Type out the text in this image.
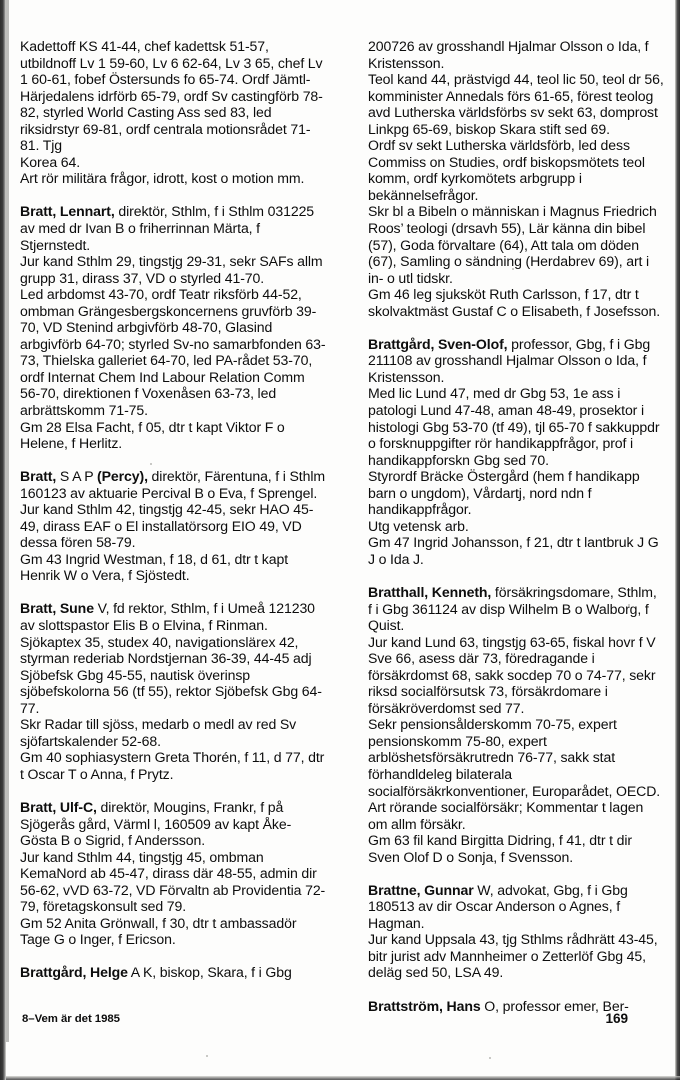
Kadettoff KS 41-44, chef kadettsk 51-57, utbildnoff Lv 1 59-60, Lv 6 62-64, Lv 3 65, chef Lv 1 60-61, fobef Östersunds fo 65-74. Ordf Jämtl-Härjedalens idrförb 65-79, ordf Sv castingförb 78-82, styrled World Casting Ass sed 83, led riksidrstyr 69-81, ordf centrala motionsrådet 71-81. Tjg
Korea 64.
Art rör militära frågor, idrott, kost o motion mm.

Bratt, Lennart, direktör, Sthlm, f i Sthlm 031225 av med dr Ivan B o friherrinnan Märta, f Stjernstedt.
Jur kand Sthlm 29, tingstjg 29-31, sekr SAFs allm grupp 31, dirass 37, VD o styrled 41-70.
Led arbdomst 43-70, ordf Teatr riksförb 44-52, ombman Grängesbergskoncernens gruvförb 39-70, VD Stenind arbgivförb 48-70, Glasind arbgivförb 64-70; styrled Sv-no samarbfonden 63-73, Thielska galleriet 64-70, led PA-rådet 53-70, ordf Internat Chem Ind Labour Relation Comm 56-70, direktionen f Voxenåsen 63-73, led arbrättskomm 71-75.
Gm 28 Elsa Facht, f 05, dtr t kapt Viktor F o Helene, f Herlitz.

Bratt, S A P (Percy), direktör, Färentuna, f i Sthlm 160123 av aktuarie Percival B o Eva, f Sprengel.
Jur kand Sthlm 42, tingstjg 42-45, sekr HAO 45-49, dirass EAF o El installatörsorg EIO 49, VD dessa fören 58-79.
Gm 43 Ingrid Westman, f 18, d 61, dtr t kapt Henrik W o Vera, f Sjöstedt.

Bratt, Sune V, fd rektor, Sthlm, f i Umeå 121230 av slottspastor Elis B o Elvina, f Rinman.
Sjökaptex 35, studex 40, navigationslärex 42, styrman rederiab Nordstjernan 36-39, 44-45 adj Sjöbefsk Gbg 45-55, nautisk överinsp sjöbefskolorna 56 (tf 55), rektor Sjöbefsk Gbg 64-77.
Skr Radar till sjöss, medarb o medl av red Sv sjöfartskalender 52-68.
Gm 40 sophiasystern Greta Thorén, f 11, d 77, dtr t Oscar T o Anna, f Prytz.

Bratt, Ulf-C, direktör, Mougins, Frankr, f på Sjögerås gård, Värml l, 160509 av kapt Åke-Gösta B o Sigrid, f Andersson.
Jur kand Sthlm 44, tingstjg 45, ombman KemaNord ab 45-47, dirass där 48-55, admin dir 56-62, vVD 63-72, VD Förvaltn ab Providentia 72-79, företagskonsult sed 79.
Gm 52 Anita Grönwall, f 30, dtr t ambassadör Tage G o Inger, f Ericson.

Brattgård, Helge A K, biskop, Skara, f i Gbg

200726 av grosshandl Hjalmar Olsson o Ida, f Kristensson.
Teol kand 44, prästvigd 44, teol lic 50, teol dr 56, komminister Annedals förs 61-65, förest teolog avd Lutherska världsförbs sv sekt 63, domprost Linkpg 65-69, biskop Skara stift sed 69.
Ordf sv sekt Lutherska världsförb, led dess Commiss on Studies, ordf biskopsmötets teol komm, ordf kyrkomötets arbgrupp i bekännelsefrågor.
Skr bl a Bibeln o människan i Magnus Friedrich Roos’ teologi (drsavh 55), Lär känna din bibel (57), Goda förvaltare (64), Att tala om döden (67), Samling o sändning (Herdabrev 69), art i in- o utl tidskr.
Gm 46 leg sjuksköt Ruth Carlsson, f 17, dtr t skolvaktmäst Gustaf C o Elisabeth, f Josefsson.

Brattgård, Sven-Olof, professor, Gbg, f i Gbg 211108 av grosshandl Hjalmar Olsson o Ida, f Kristensson.
Med lic Lund 47, med dr Gbg 53, 1e ass i patologi Lund 47-48, aman 48-49, prosektor i histologi Gbg 53-70 (tf 49), tjl 65-70 f sakkuppdr o forsknuppgifter rör handikappfrågor, prof i handikappforskn Gbg sed 70.
Styrordf Bräcke Östergård (hem f handikapp barn o ungdom), Vårdartj, nord ndn f handikappfrågor.
Utg vetensk arb.
Gm 47 Ingrid Johansson, f 21, dtr t lantbruk J G J o Ida J.

Bratthall, Kenneth, försäkringsdomare, Sthlm, f i Gbg 361124 av disp Wilhelm B o Walborg, f Quist.
Jur kand Lund 63, tingstjg 63-65, fiskal hovr f V Sve 66, asess där 73, föredragande i försäkrdomst 68, sakk socdep 70 o 74-77, sekr riksd socialförsutsk 73, försäkrdomare i försäkröverdomst sed 77.
Sekr pensionsålderskomm 70-75, expert pensionskomm 75-80, expert arblöshetsförsäkrutredn 76-77, sakk stat förhandldeleg bilaterala socialförsäkrkonventioner, Europarådet, OECD.
Art rörande socialförsäkr; Kommentar t lagen om allm försäkr.
Gm 63 fil kand Birgitta Didring, f 41, dtr t dir Sven Olof D o Sonja, f Svensson.

Brattne, Gunnar W, advokat, Gbg, f i Gbg 180513 av dir Oscar Anderson o Agnes, f Hagman.
Jur kand Uppsala 43, tjg Sthlms rådhrätt 43-45, bitr jurist adv Mannheimer o Zetterlöf Gbg 45, deläg sed 50, LSA 49.

Brattström, Hans O, professor emer, Ber-

8–Vem är det 1985	169
